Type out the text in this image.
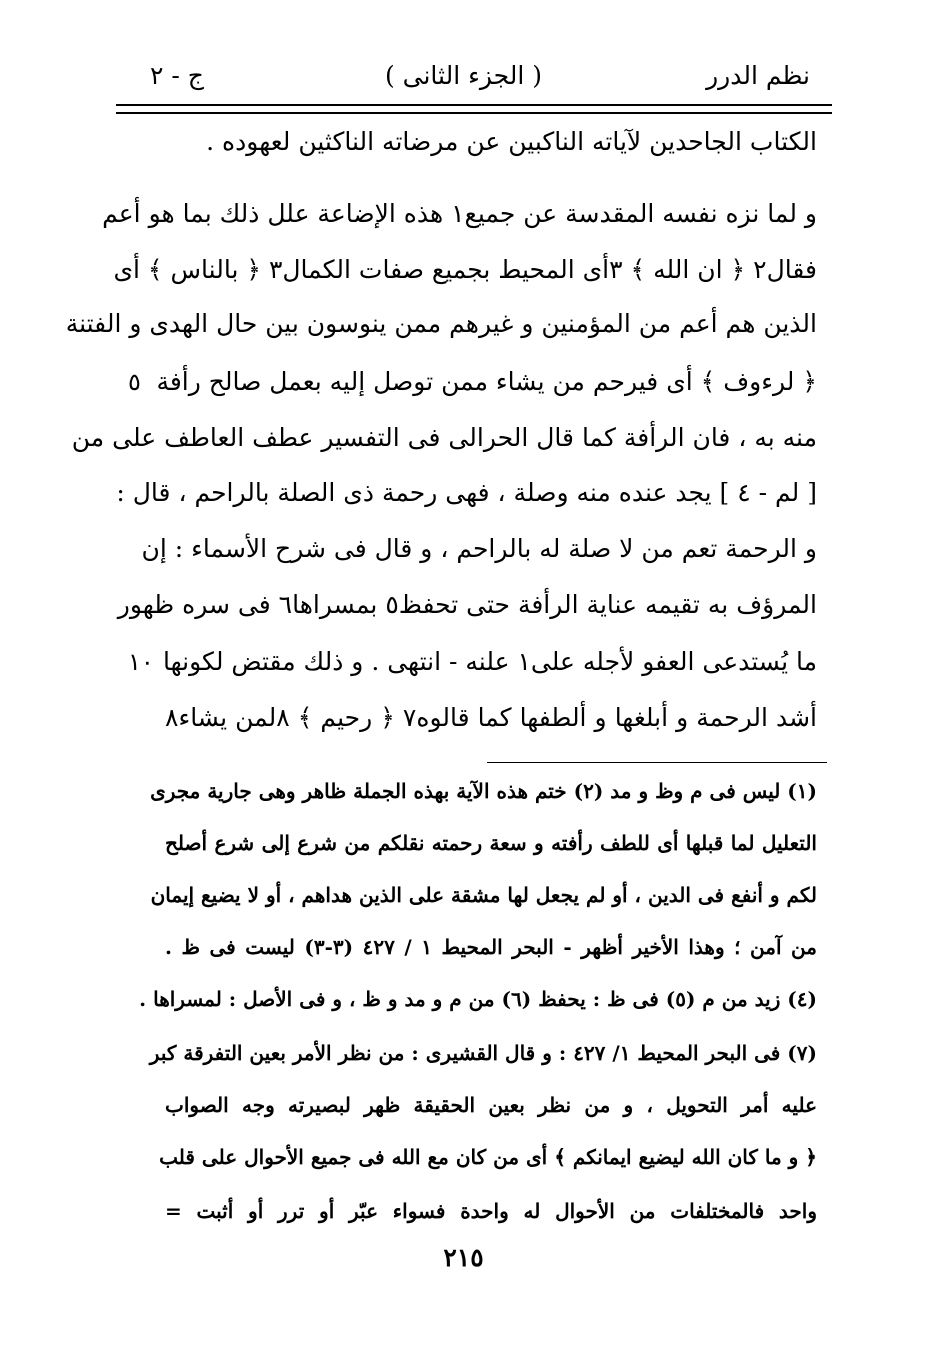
نظم الدرر
( الجزء الثانى )
ج - ٢
الكتاب الجاحدين لآياته الناكبين عن مرضاته الناكثين لعهوده .
و لما نزه نفسه المقدسة عن جميع١ هذه الإضاعة علل ذلك بما هو أعم
فقال٢ ﴿ ان الله ﴾ ٣أى المحيط بجميع صفات الكمال٣ ﴿ بالناس ﴾ أى
الذين هم أعم من المؤمنين و غيرهم ممن ينوسون بين حال الهدى و الفتنة
﴿ لرءوف ﴾ أى فيرحم من يشاء ممن توصل إليه بعمل صالح رأفة
٥
منه به ، فان الرأفة كما قال الحرالى فى التفسير عطف العاطف على من
[ لم - ٤ ] يجد عنده منه وصلة ، فهى رحمة ذى الصلة بالراحم ، قال :
و الرحمة تعم من لا صلة له بالراحم ، و قال فى شرح الأسماء : إن
المرؤف به تقيمه عناية الرأفة حتى تحفظ٥ بمسراها٦ فى سره ظهور
ما يُستدعى العفو لأجله على١ علنه - انتهى . و ذلك مقتض لكونها
١٠
أشد الرحمة و أبلغها و ألطفها كما قالوه٧ ﴿ رحيم ﴾ ٨لمن يشاء٨
(١) ليس فى م وظ و مد (٢) ختم هذه الآية بهذه الجملة ظاهر وهى جارية مجرى
التعليل لما قبلها أى للطف رأفته و سعة رحمته نقلكم من شرع إلى شرع أصلح
لكم و أنفع فى الدين ، أو لم يجعل لها مشقة على الذين هداهم ، أو لا يضيع إيمان
من آمن ؛ وهذا الأخير أظهر - البحر المحيط ١ / ٤٢٧ (٣-٣) ليست فى ظ .
(٤) زيد من م (٥) فى ظ : يحفظ (٦) من م و مد و ظ ، و فى الأصل : لمسراها .
(٧) فى البحر المحيط ١/ ٤٢٧ : و قال القشيرى : من نظر الأمر بعين التفرقة كبر
عليه أمر التحويل ، و من نظر بعين الحقيقة ظهر لبصيرته وجه الصواب
﴿ و ما كان الله ليضيع ايمانكم ﴾ أى من كان مع الله فى جميع الأحوال على قلب
واحد فالمختلفات من الأحوال له واحدة فسواء عبّر أو ترر أو أثبت =
٢١٥
